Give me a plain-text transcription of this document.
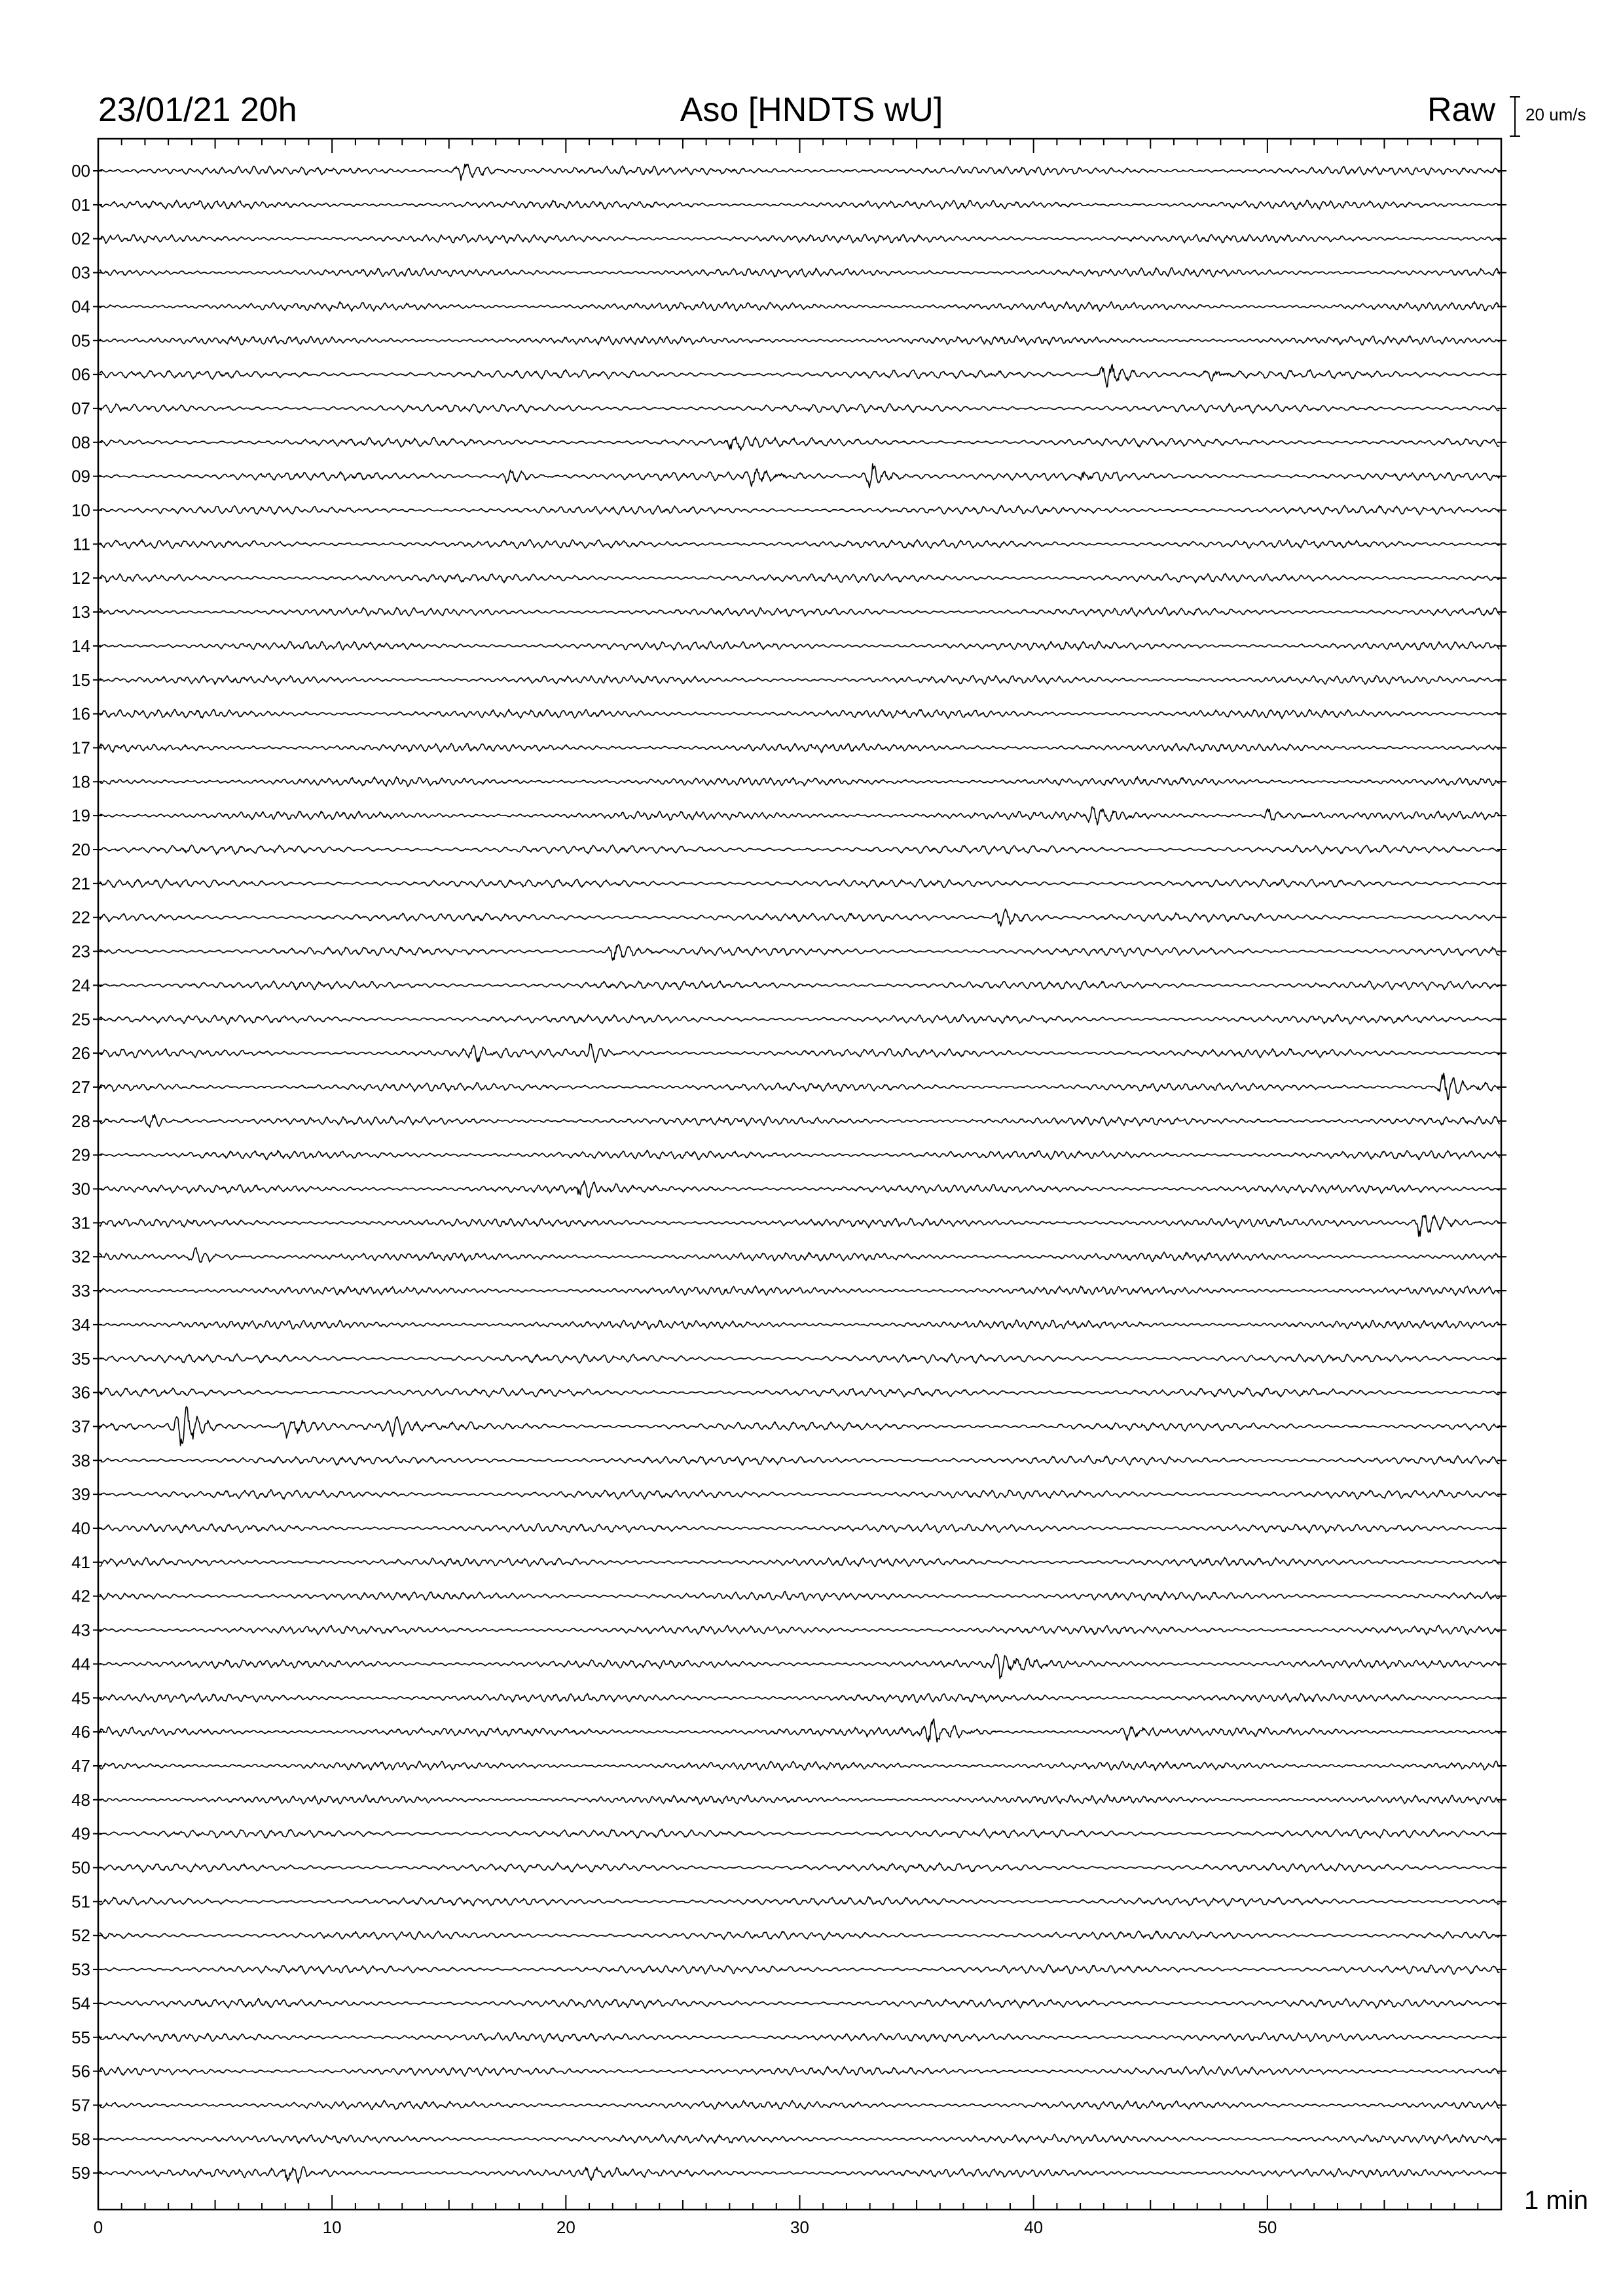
23/01/21 20h	Aso [HNDTS wU]	Raw 20 um/s
1 min
0	10	20	30	40	50
00
01
02
03
04
05
06
07
08
09
10
11
12
13
14
15
16
17
18
19
20
21
22
23
24
25
26
27
28
29
30
31
32
33
34
35
36
37
38
39
40
41
42
43
44
45
46
47
48
49
50
51
52
53
54
55
56
57
58
59
